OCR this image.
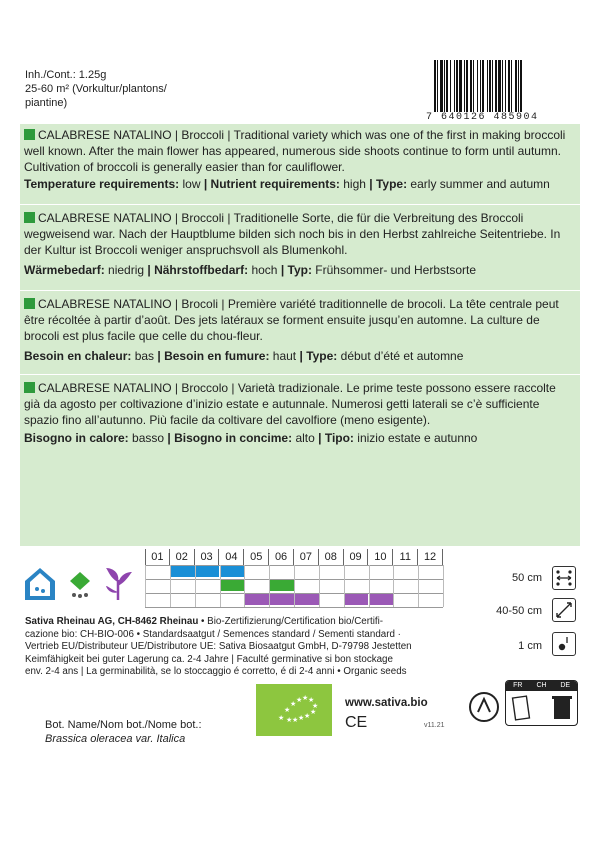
Inh./Cont.: 1.25g
25-60 m² (Vorkultur/plantons/
piantine)
7 640126 485904
CALABRESE NATALINO | Broccoli | Traditional variety which was one of the first in making broccoli well known. After the main flower has appeared, numerous side shoots continue to form until autumn. Cultivation of broccoli is generally easier than for cauliflower.
Temperature requirements: low | Nutrient requirements: high | Type: early summer and autumn
CALABRESE NATALINO | Broccoli | Traditionelle Sorte, die für die Verbreitung des Broccoli wegweisend war. Nach der Hauptblume bilden sich noch bis in den Herbst zahlreiche Seitentriebe. In der Kultur ist Broccoli weniger anspruchsvoll als Blumenkohl.
Wärmebedarf: niedrig | Nährstoffbedarf: hoch | Typ: Frühsommer- und Herbstsorte
CALABRESE NATALINO | Brocoli | Première variété traditionnelle de brocoli. La tête centrale peut être récoltée à partir d’août. Des jets latéraux se forment ensuite jusqu’en automne. La culture de brocoli est plus facile que celle du chou-fleur.
Besoin en chaleur: bas | Besoin en fumure: haut | Type: début d’été et automne
CALABRESE NATALINO | Broccolo | Varietà tradizionale. Le prime teste possono essere raccolte già da agosto per coltivazione d’inizio estate e autunnale. Numerosi getti laterali se c’è sufficiente spazio fino all’autunno. Più facile da coltivare del cavolfiore (meno esigente).
Bisogno in calore: basso | Bisogno in concime: alto | Tipo: inizio estate e autunno
01	02	03	04	05	06	07	08	09	10	11	12
50 cm
40-50 cm
1 cm
Sativa Rheinau AG, CH-8462 Rheinau • Bio-Zertifizierung/Certification bio/Certifi-
cazione bio: CH-BIO-006 • Standardsaatgut / Semences standard / Sementi standard ·
Vertrieb EU/Distributeur UE/Distributore UE: Sativa Biosaatgut GmbH, D-79798 Jestetten
Keimfähigkeit bei guter Lagerung ca. 2-4 Jahre | Faculté germinative si bon stockage
env. 2-4 ans | La germinabilità, se lo stoccaggio é corretto, é di 2-4 anni • Organic seeds
★
★
★
★ ★ ★
★
★
★
★
★
★
www.sativa.bio
CE	v11.21
FR	CH	DE
Bot. Name/Nom bot./Nome bot.:
Brassica oleracea var. Italica
